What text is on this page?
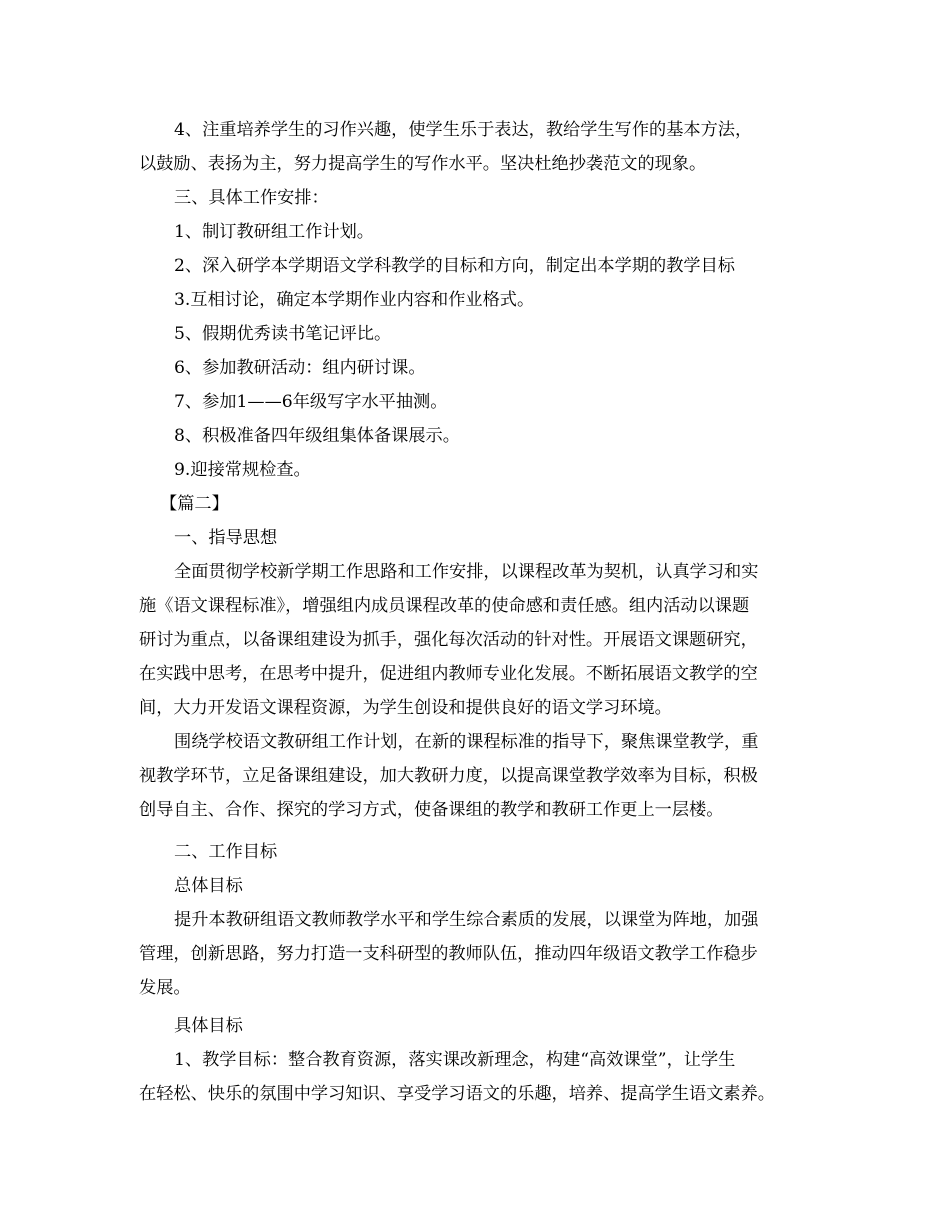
4、注重培养学生的习作兴趣，使学生乐于表达，教给学生写作的基本方法，
以鼓励、表扬为主，努力提高学生的写作水平。坚决杜绝抄袭范文的现象。
三、具体工作安排：
1、制订教研组工作计划。
2、深入研学本学期语文学科教学的目标和方向，制定出本学期的教学目标
3.互相讨论，确定本学期作业内容和作业格式。
5、假期优秀读书笔记评比。
6、参加教研活动：组内研讨课。
7、参加1——6年级写字水平抽测。
8、积极准备四年级组集体备课展示。
9.迎接常规检查。
【篇二】
一、指导思想
全面贯彻学校新学期工作思路和工作安排，以课程改革为契机，认真学习和实
施《语文课程标准》，增强组内成员课程改革的使命感和责任感。组内活动以课题
研讨为重点，以备课组建设为抓手，强化每次活动的针对性。开展语文课题研究，
在实践中思考，在思考中提升，促进组内教师专业化发展。不断拓展语文教学的空
间，大力开发语文课程资源，为学生创设和提供良好的语文学习环境。
围绕学校语文教研组工作计划，在新的课程标准的指导下，聚焦课堂教学，重
视教学环节，立足备课组建设，加大教研力度，以提高课堂教学效率为目标，积极
创导自主、合作、探究的学习方式，使备课组的教学和教研工作更上一层楼。
二、工作目标
总体目标
提升本教研组语文教师教学水平和学生综合素质的发展，以课堂为阵地，加强
管理，创新思路，努力打造一支科研型的教师队伍，推动四年级语文教学工作稳步
发展。
具体目标
1、教学目标：整合教育资源，落实课改新理念，构建“高效课堂”，让学生
在轻松、快乐的氛围中学习知识、享受学习语文的乐趣，培养、提高学生语文素养。
